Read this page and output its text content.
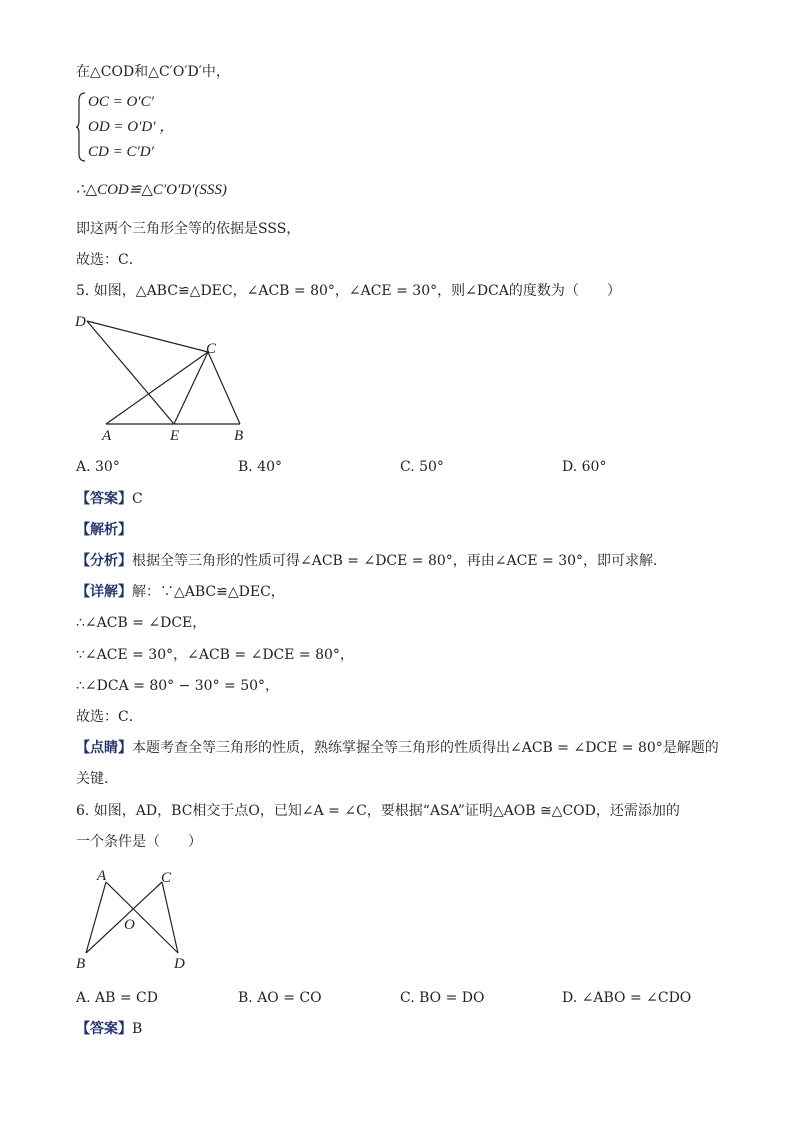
在△COD和△C′O′D′中，
OC = O′C′
OD = O′D′ ，
CD = C′D′
∴△COD≌△C′O′D′(SSS)
即这两个三角形全等的依据是SSS，
故选：C．
5. 如图，△ABC≌△DEC，∠ACB = 80°，∠ACE = 30°，则∠DCA的度数为（　　）
D
C
A	E	B
A. 30°	B. 40°	C. 50°	D. 60°
【答案】C
【解析】
【分析】根据全等三角形的性质可得∠ACB = ∠DCE = 80°，再由∠ACE = 30°，即可求解．
【详解】解：∵△ABC≌△DEC，
∴∠ACB = ∠DCE，
∵∠ACE = 30°，∠ACB = ∠DCE = 80°，
∴∠DCA = 80° − 30° = 50°，
故选：C．
【点睛】本题考查全等三角形的性质，熟练掌握全等三角形的性质得出∠ACB = ∠DCE = 80°是解题的
关键．
6. 如图，AD，BC相交于点O，已知∠A = ∠C，要根据“ASA”证明△AOB ≅△COD，还需添加的
一个条件是（　　）
A	C
O
B	D
A. AB = CD	B. AO = CO	C. BO = DO	D. ∠ABO = ∠CDO
【答案】B
